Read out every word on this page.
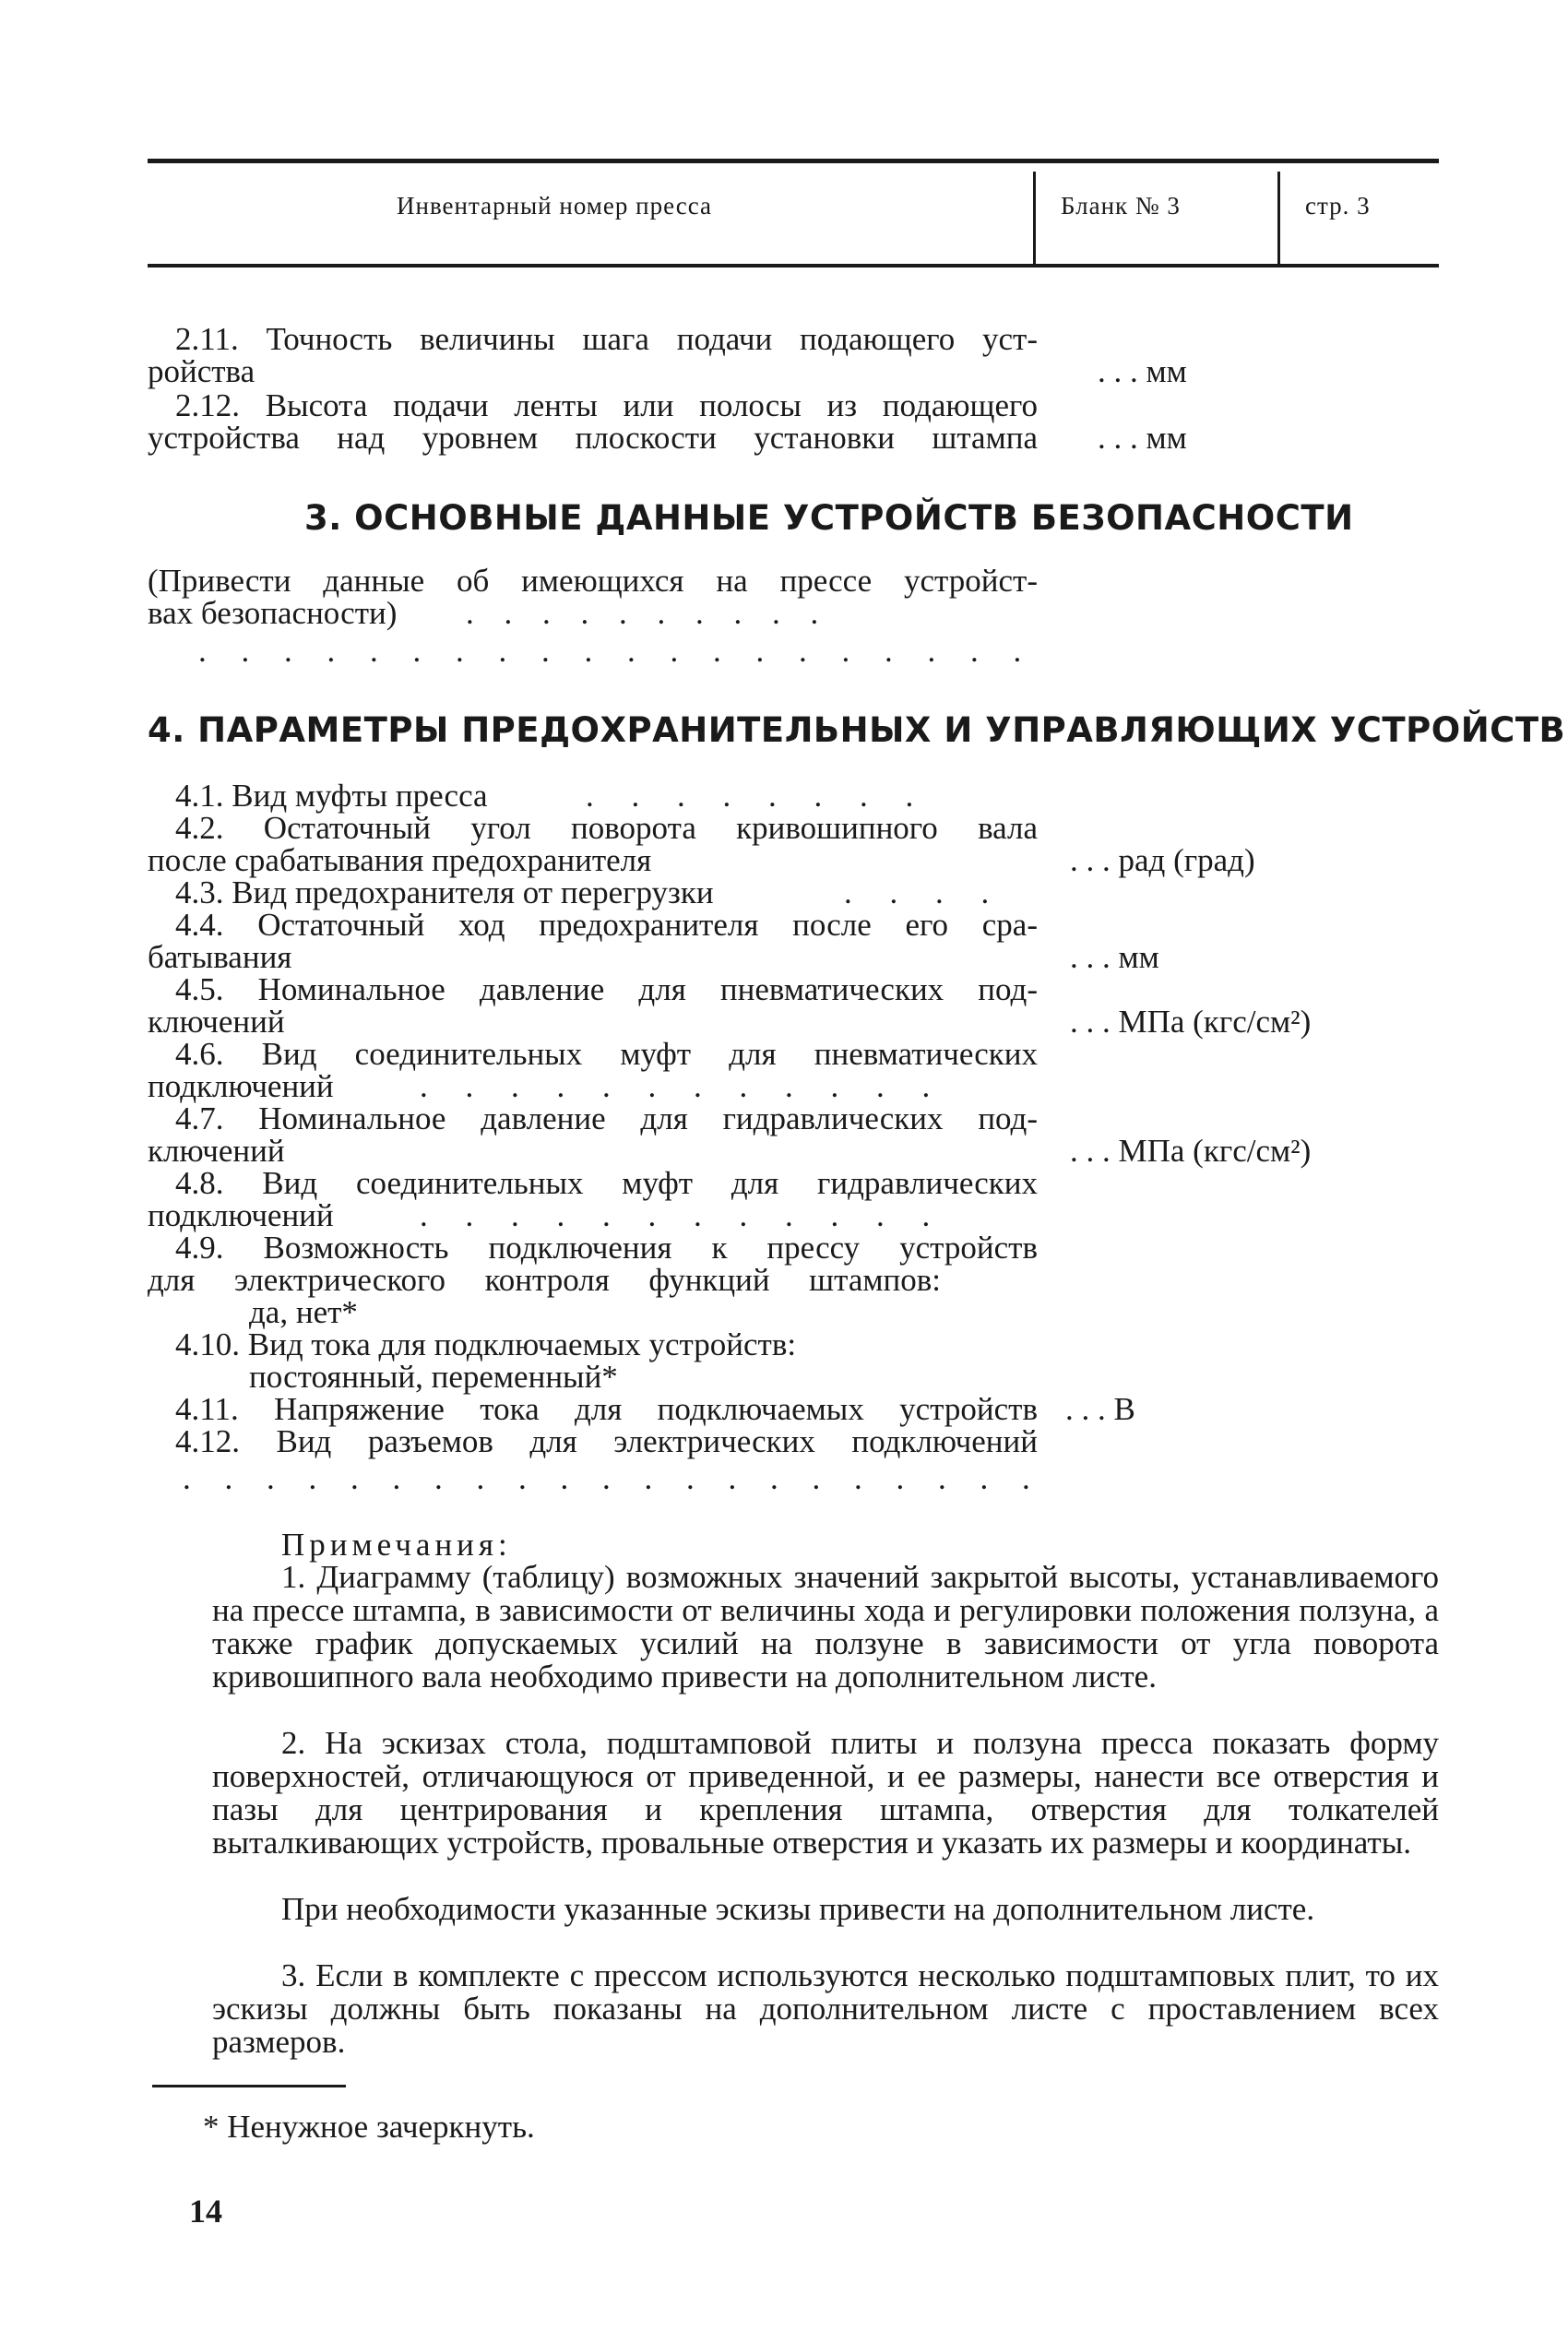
Инвентарный номер пресса	Бланк № 3	стр. 3
2.11. Точность величины шага подачи подающего уст-
ройства	. . . мм
2.12. Высота подачи ленты или полосы из подающего
устройства над уровнем плоскости установки штампа . . . мм
3. ОСНОВНЫЕ ДАННЫЕ УСТРОЙСТВ БЕЗОПАСНОСТИ
(Привести данные об имеющихся на прессе устройст-
вах безопасности)	. . . . . . . . . .
. . . . . . . . . . . . . . . . . . . .
4. ПАРАМЕТРЫ ПРЕДОХРАНИТЕЛЬНЫХ И УПРАВЛЯЮЩИХ УСТРОЙСТВ
4.1. Вид муфты пресса	. . . . . . . .
4.2. Остаточный угол поворота кривошипного вала
после срабатывания предохранителя	. . . рад (град)
4.3. Вид предохранителя от перегрузки	. . . .
4.4. Остаточный ход предохранителя после его сра-
батывания	. . . мм
4.5. Номинальное давление для пневматических под-
ключений	. . . МПа (кгс/см²)
4.6. Вид соединительных муфт для пневматических
подключений	. . . . . . . . . . . .
4.7. Номинальное давление для гидравлических под-
ключений	. . . МПа (кгс/см²)
4.8. Вид соединительных муфт для гидравлических
подключений	. . . . . . . . . . . .
4.9. Возможность подключения к прессу устройств
для электрического контроля функций штампов:
да, нет*
4.10. Вид тока для подключаемых устройств:
постоянный, переменный*
4.11. Напряжение тока для подключаемых устройств . . . В
4.12. Вид разъемов для электрических подключений
. . . . . . . . . . . . . . . . . . . . .
Примечания:
1. Диаграмму (таблицу) возможных значений закрытой высоты, устанавливаемого на прессе штампа, в зависимости от величины хода и регулировки положения ползуна, а также график допускаемых усилий на ползуне в зависимости от угла поворота кривошипного вала необходимо привести на дополнительном листе.
2. На эскизах стола, подштамповой плиты и ползуна пресса показать форму поверхностей, отличающуюся от приведенной, и ее размеры, нанести все отверстия и пазы для центрирования и крепления штампа, отверстия для толкателей выталкивающих устройств, провальные отверстия и указать их размеры и координаты.
При необходимости указанные эскизы привести на дополнительном листе.
3. Если в комплекте с прессом используются несколько подштамповых плит, то их эскизы должны быть показаны на дополнительном листе с проставлением всех размеров.
* Ненужное зачеркнуть.
14
